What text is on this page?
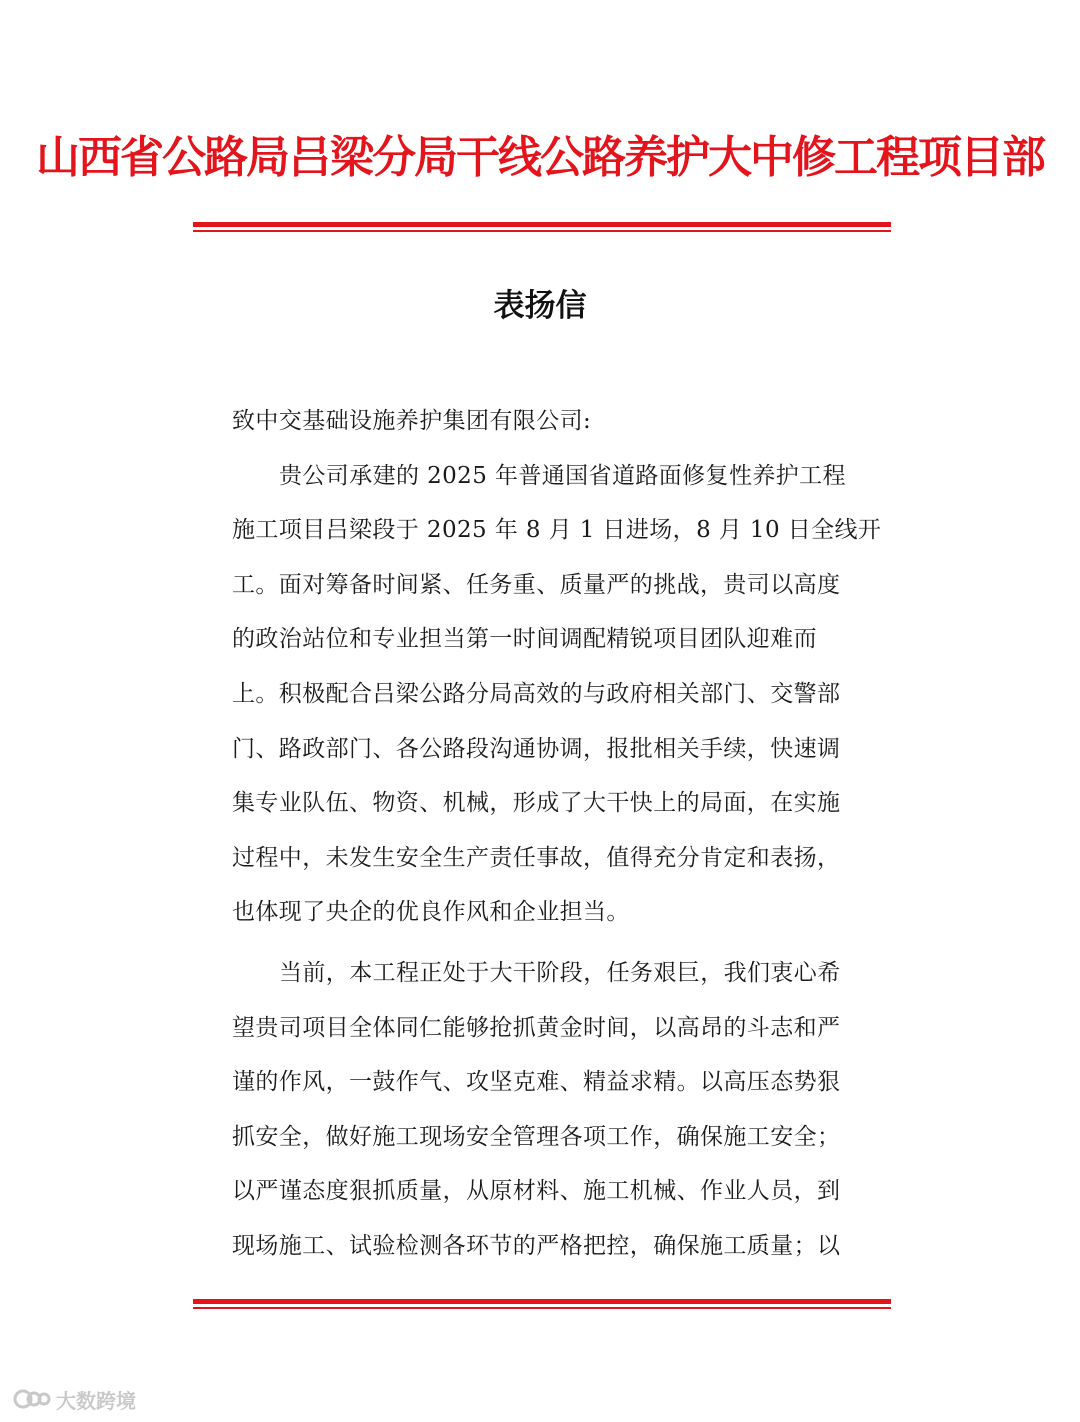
山西省公路局吕梁分局干线公路养护大中修工程项目部
表扬信

致中交基础设施养护集团有限公司:

贵公司承建的 2025 年普通国省道路面修复性养护工程

施工项目吕梁段于 2025 年 8 月 1 日进场，8 月 10 日全线开

工。面对筹备时间紧、任务重、质量严的挑战，贵司以高度

的政治站位和专业担当第一时间调配精锐项目团队迎难而

上。积极配合吕梁公路分局高效的与政府相关部门、交警部

门、路政部门、各公路段沟通协调，报批相关手续，快速调

集专业队伍、物资、机械，形成了大干快上的局面，在实施

过程中，未发生安全生产责任事故，值得充分肯定和表扬，

也体现了央企的优良作风和企业担当。

当前，本工程正处于大干阶段，任务艰巨，我们衷心希

望贵司项目全体同仁能够抢抓黄金时间，以高昂的斗志和严

谨的作风，一鼓作气、攻坚克难、精益求精。以高压态势狠

抓安全，做好施工现场安全管理各项工作，确保施工安全；

以严谨态度狠抓质量，从原材料、施工机械、作业人员，到

现场施工、试验检测各环节的严格把控，确保施工质量；以

大数跨境
